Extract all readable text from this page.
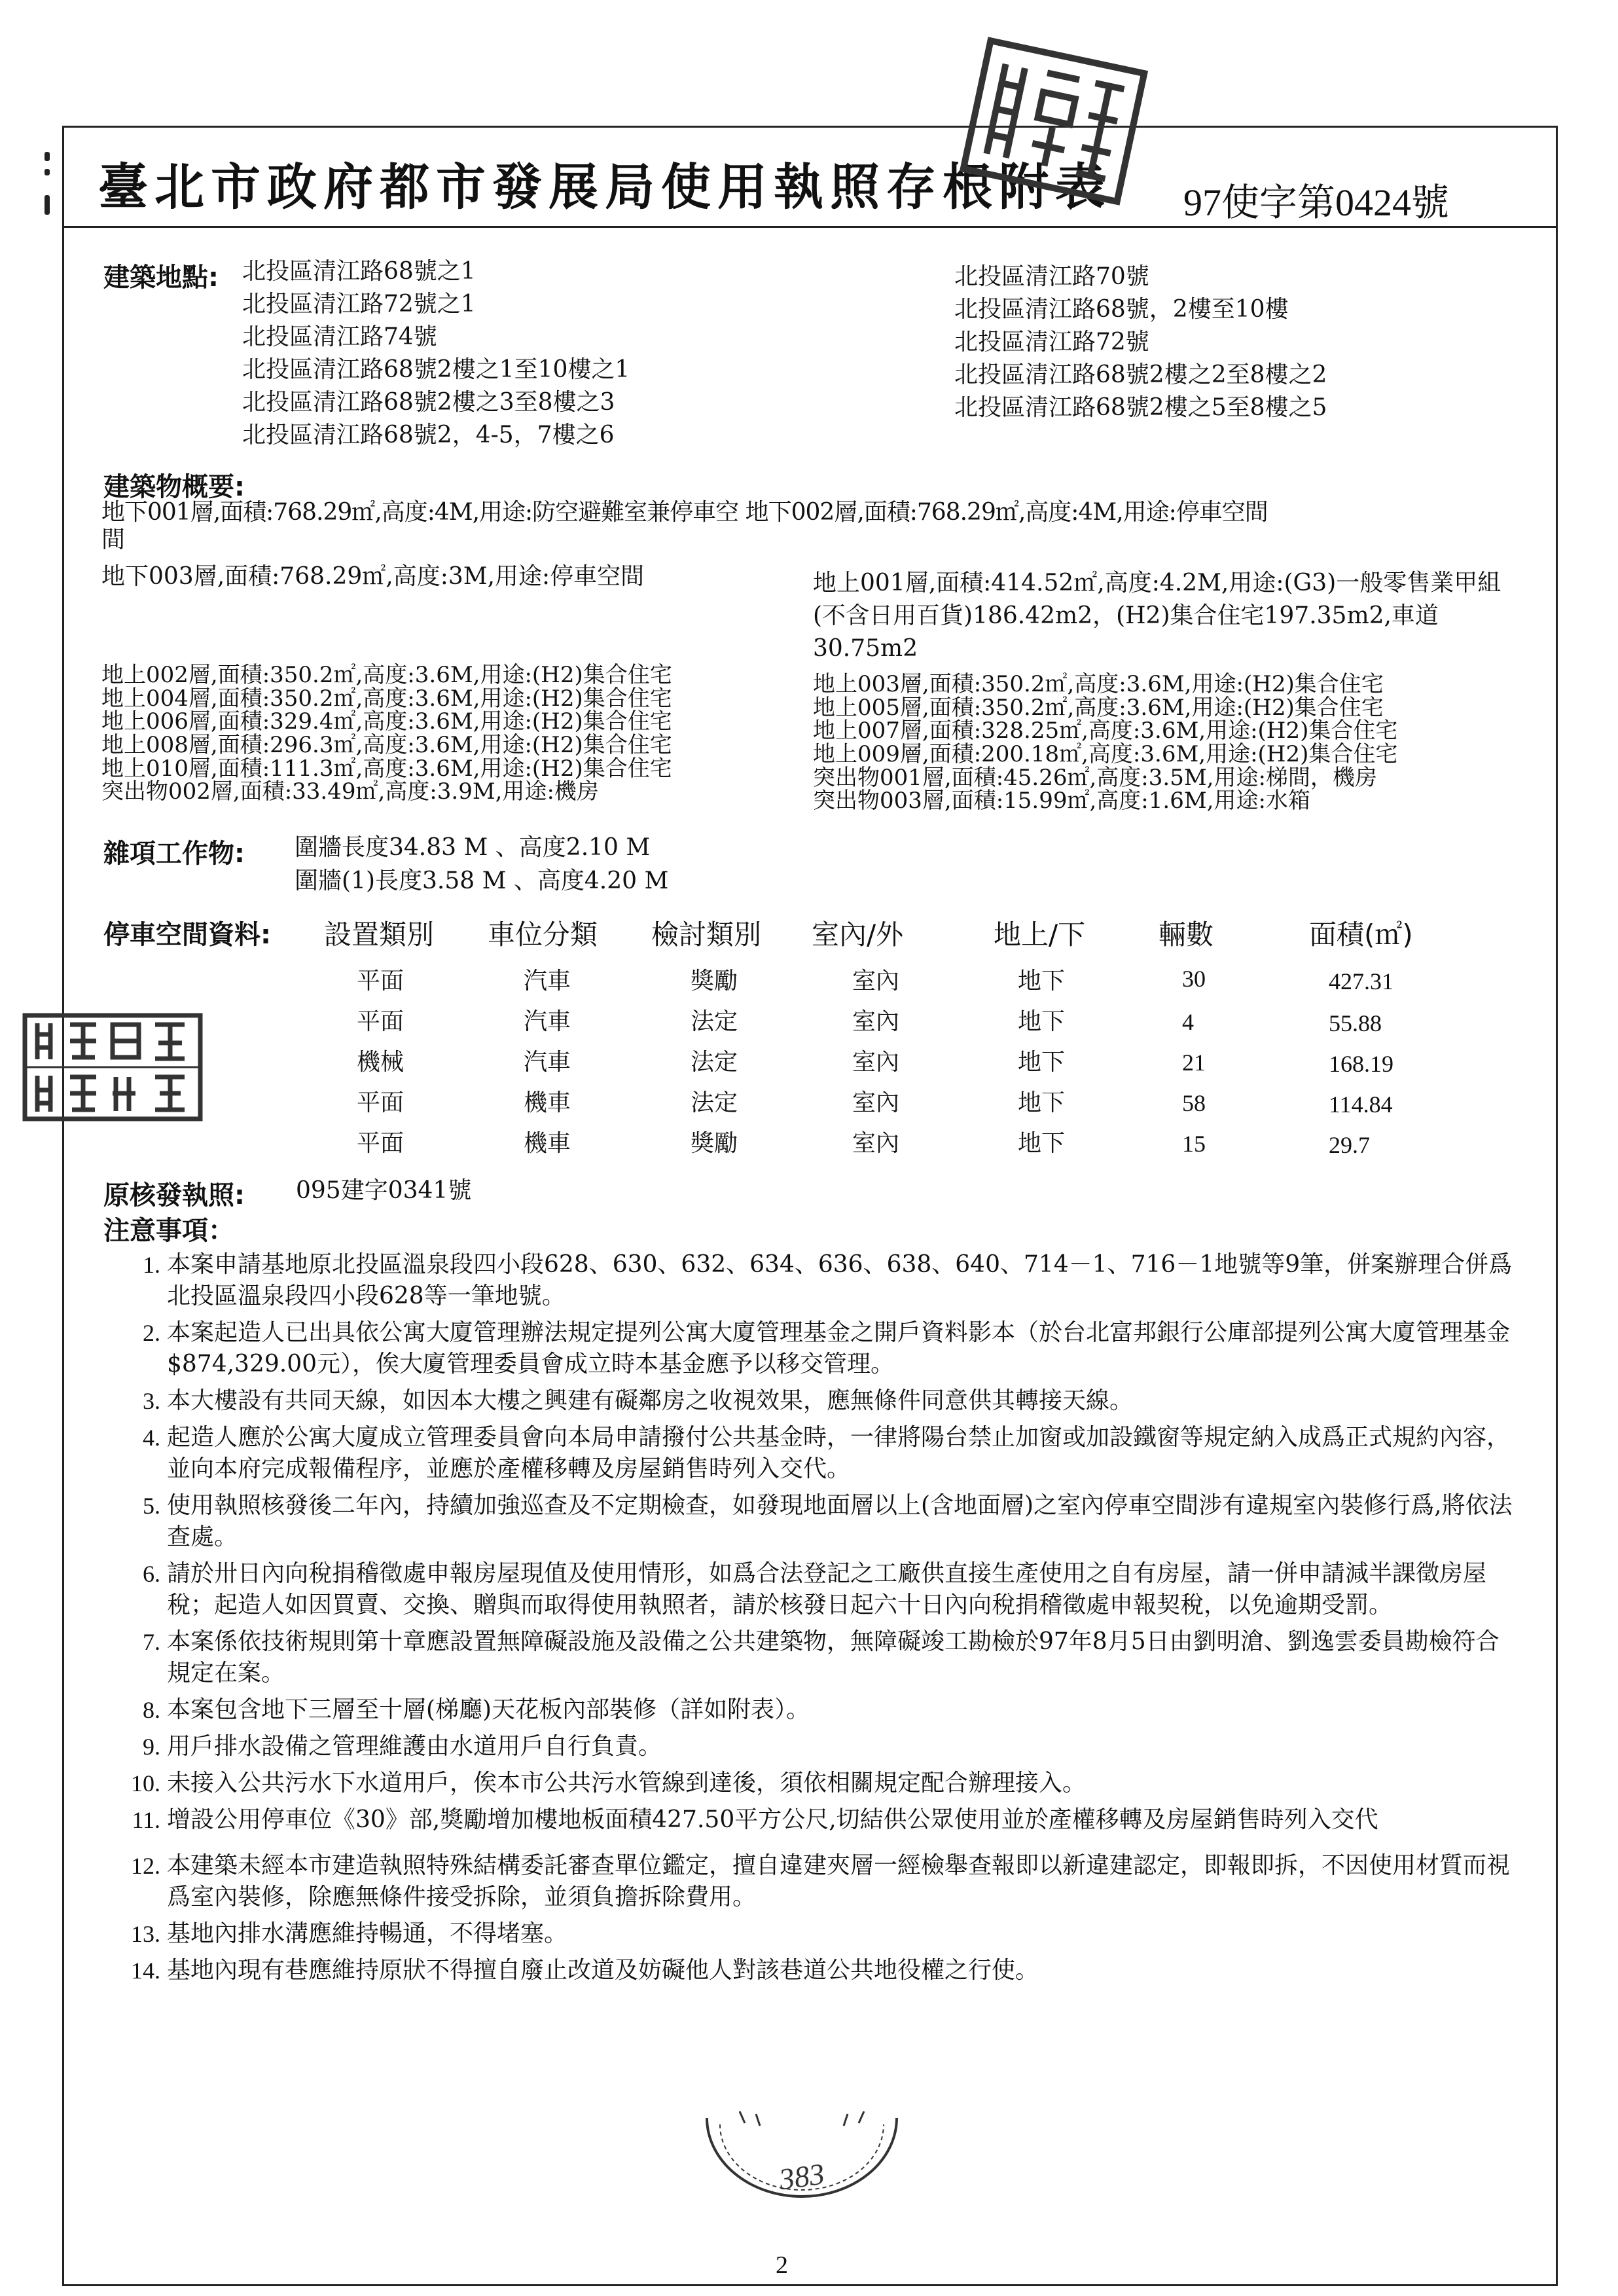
臺北市政府都市發展局使用執照存根附表 97使字第0424號
建築地點: 北投區清江路68號之1
北投區清江路72號之1
北投區清江路74號
北投區清江路68號2樓之1至10樓之1
北投區清江路68號2樓之3至8樓之3
北投區清江路68號2，4-5，7樓之6
北投區清江路70號
北投區清江路68號，2樓至10樓
北投區清江路72號
北投區清江路68號2樓之2至8樓之2
北投區清江路68號2樓之5至8樓之5
建築物概要:
地下001層,面積:768.29㎡,高度:4M,用途:防空避難室兼停車空 地下002層,面積:768.29㎡,高度:4M,用途:停車空間
間
地下003層,面積:768.29㎡,高度:3M,用途:停車空間	地上001層,面積:414.52㎡,高度:4.2M,用途:(G3)一般零售業甲組(不含日用百貨)186.42m2，(H2)集合住宅197.35m2,車道30.75m2
地上002層,面積:350.2㎡,高度:3.6M,用途:(H2)集合住宅
地上004層,面積:350.2㎡,高度:3.6M,用途:(H2)集合住宅
地上006層,面積:329.4㎡,高度:3.6M,用途:(H2)集合住宅
地上008層,面積:296.3㎡,高度:3.6M,用途:(H2)集合住宅
地上010層,面積:111.3㎡,高度:3.6M,用途:(H2)集合住宅
突出物002層,面積:33.49㎡,高度:3.9M,用途:機房
地上003層,面積:350.2㎡,高度:3.6M,用途:(H2)集合住宅
地上005層,面積:350.2㎡,高度:3.6M,用途:(H2)集合住宅
地上007層,面積:328.25㎡,高度:3.6M,用途:(H2)集合住宅
地上009層,面積:200.18㎡,高度:3.6M,用途:(H2)集合住宅
突出物001層,面積:45.26㎡,高度:3.5M,用途:梯間，機房
突出物003層,面積:15.99㎡,高度:1.6M,用途:水箱
雜項工作物: 圍牆長度34.83 M 、高度2.10 M
圍牆(1)長度3.58 M 、高度4.20 M
停車空間資料: 設置類別 車位分類 檢討類別 室內/外	地上/下	輛數	面積(㎡)
平面	汽車	獎勵	室內	地下	30	427.31
平面	汽車	法定	室內	地下	4	55.88
機械	汽車	法定	室內	地下	21	168.19
平面	機車	法定	室內	地下	58	114.84
平面	機車	獎勵	室內	地下	15	29.7
原核發執照: 095建字0341號
注意事項：
1. 本案申請基地原北投區溫泉段四小段628、630、632、634、636、638、640、714－1、716－1地號等9筆，併案辦理合併爲北投區溫泉段四小段628等一筆地號。
2. 本案起造人已出具依公寓大廈管理辦法規定提列公寓大廈管理基金之開戶資料影本（於台北富邦銀行公庫部提列公寓大廈管理基金$874,329.00元），俟大廈管理委員會成立時本基金應予以移交管理。
3. 本大樓設有共同天線，如因本大樓之興建有礙鄰房之收視效果，應無條件同意供其轉接天線。
4. 起造人應於公寓大廈成立管理委員會向本局申請撥付公共基金時，一律將陽台禁止加窗或加設鐵窗等規定納入成爲正式規約內容，並向本府完成報備程序，並應於產權移轉及房屋銷售時列入交代。
5. 使用執照核發後二年內，持續加強巡查及不定期檢查，如發現地面層以上(含地面層)之室內停車空間涉有違規室內裝修行爲,將依法查處。
6. 請於卅日內向稅捐稽徵處申報房屋現值及使用情形，如爲合法登記之工廠供直接生產使用之自有房屋，請一併申請減半課徵房屋稅；起造人如因買賣、交換、贈與而取得使用執照者，請於核發日起六十日內向稅捐稽徵處申報契稅，以免逾期受罰。
7. 本案係依技術規則第十章應設置無障礙設施及設備之公共建築物，無障礙竣工勘檢於97年8月5日由劉明滄、劉逸雲委員勘檢符合規定在案。
8. 本案包含地下三層至十層(梯廳)天花板內部裝修（詳如附表）。
9. 用戶排水設備之管理維護由水道用戶自行負責。
10. 未接入公共污水下水道用戶，俟本市公共污水管線到達後，須依相關規定配合辦理接入。
11. 增設公用停車位《30》部,獎勵增加樓地板面積427.50平方公尺,切結供公眾使用並於產權移轉及房屋銷售時列入交代
12. 本建築未經本市建造執照特殊結構委託審查單位鑑定，擅自違建夾層一經檢舉查報即以新違建認定，即報即拆，不因使用材質而視爲室內裝修，除應無條件接受拆除，並須負擔拆除費用。
13. 基地內排水溝應維持暢通，不得堵塞。
14. 基地內現有巷應維持原狀不得擅自廢止改道及妨礙他人對該巷道公共地役權之行使。
383
2
